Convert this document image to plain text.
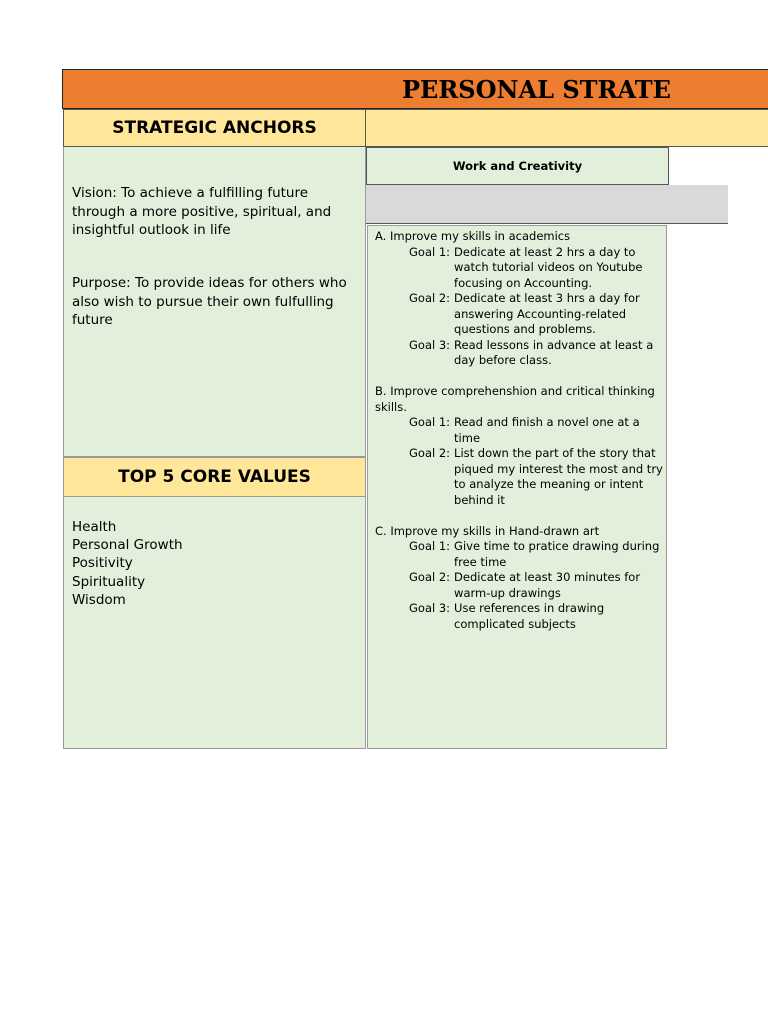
PERSONAL STRATE
STRATEGIC ANCHORS
Vision: To achieve a fulfilling future through a more positive, spiritual, and insightful outlook in life
Purpose: To provide ideas for others who also wish to pursue their own fulfulling future
TOP 5 CORE VALUES
Health
Personal Growth
Positivity
Spirituality
Wisdom
Work and Creativity
A. Improve my skills in academics
Goal 1: Dedicate at least 2 hrs a day to watch tutorial videos on Youtube focusing on Accounting.
Goal 2: Dedicate at least 3 hrs a day for answering Accounting-related questions and problems.
Goal 3: Read lessons in advance at least a day before class.
B. Improve comprehenshion and critical thinking skills.
Goal 1: Read and finish a novel one at a time
Goal 2: List down the part of the story that piqued my interest the most and try to analyze the meaning or intent behind it
C. Improve my skills in Hand-drawn art
Goal 1: Give time to pratice drawing during free time
Goal 2: Dedicate at least 30 minutes for warm-up drawings
Goal 3: Use references in drawing complicated subjects
